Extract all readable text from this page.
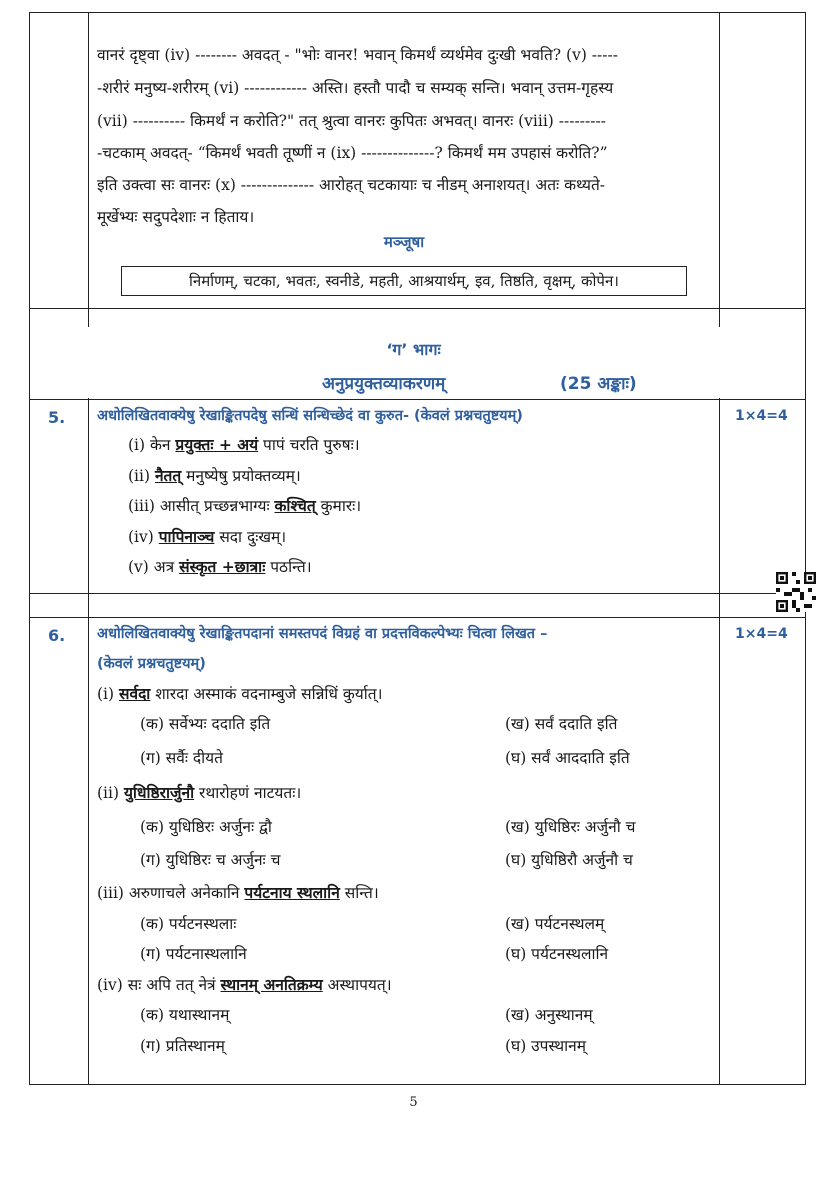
वानरं दृष्ट्वा (iv) -------- अवदत् - "भोः वानर! भवान् किमर्थं व्यर्थमेव दुःखी भवति? (v) -----
-शरीरं मनुष्य-शरीरम् (vi) ------------ अस्ति। हस्तौ पादौ च सम्यक् सन्ति। भवान् उत्तम-गृहस्य
(vii) ---------- किमर्थं न करोति?" तत् श्रुत्वा वानरः कुपितः अभवत्। वानरः (viii) ---------
-चटकाम् अवदत्- “किमर्थं भवती तूष्णीं न (ix) --------------? किमर्थं मम उपहासं करोति?”
इति उक्त्वा सः वानरः (x) -------------- आरोहत् चटकायाः च नीडम् अनाशयत्। अतः कथ्यते-
मूर्खेभ्यः सदुपदेशाः न हिताय।
मञ्जूषा
निर्माणम्, चटका, भवतः, स्वनीडे, महती, आश्रयार्थम्, इव, तिष्ठति, वृक्षम्, कोपेन।
‘ग’ भागः
अनुप्रयुक्तव्याकरणम्	(25 अङ्काः)
5. अधोलिखितवाक्येषु रेखाङ्कितपदेषु सन्धिं सन्धिच्छेदं वा कुरुत- (केवलं प्रश्नचतुष्टयम्)	1×4=4
(i) केन प्रयुक्तः + अयं पापं चरति पुरुषः।
(ii) नैतत् मनुष्येषु प्रयोक्तव्यम्।
(iii) आसीत् प्रच्छन्नभाग्यः कश्चित् कुमारः।
(iv) पापिनाञ्च सदा दुःखम्।
(v) अत्र संस्कृत +छात्राः पठन्ति।
6. अधोलिखितवाक्येषु रेखाङ्कितपदानां समस्तपदं विग्रहं वा प्रदत्तविकल्पेभ्यः चित्वा लिखत –
(केवलं प्रश्नचतुष्टयम्)
1×4=4
(i) सर्वदा शारदा अस्माकं वदनाम्बुजे सन्निधिं कुर्यात्।
(क) सर्वेभ्यः ददाति इति	(ख) सर्वं ददाति इति
(ग) सर्वैः दीयते	(घ) सर्वं आददाति इति
(ii) युधिष्ठिरार्जुनौ रथारोहणं नाटयतः।
(क) युधिष्ठिरः अर्जुनः द्वौ	(ख) युधिष्ठिरः अर्जुनौ च
(ग) युधिष्ठिरः च अर्जुनः च	(घ) युधिष्ठिरौ अर्जुनौ च
(iii) अरुणाचले अनेकानि पर्यटनाय स्थलानि सन्ति।
(क) पर्यटनस्थलाः	(ख) पर्यटनस्थलम्
(ग) पर्यटनास्थलानि	(घ) पर्यटनस्थलानि
(iv) सः अपि तत् नेत्रं स्थानम् अनतिक्रम्य अस्थापयत्।
(क) यथास्थानम्	(ख) अनुस्थानम्
(ग) प्रतिस्थानम्	(घ) उपस्थानम्
5
